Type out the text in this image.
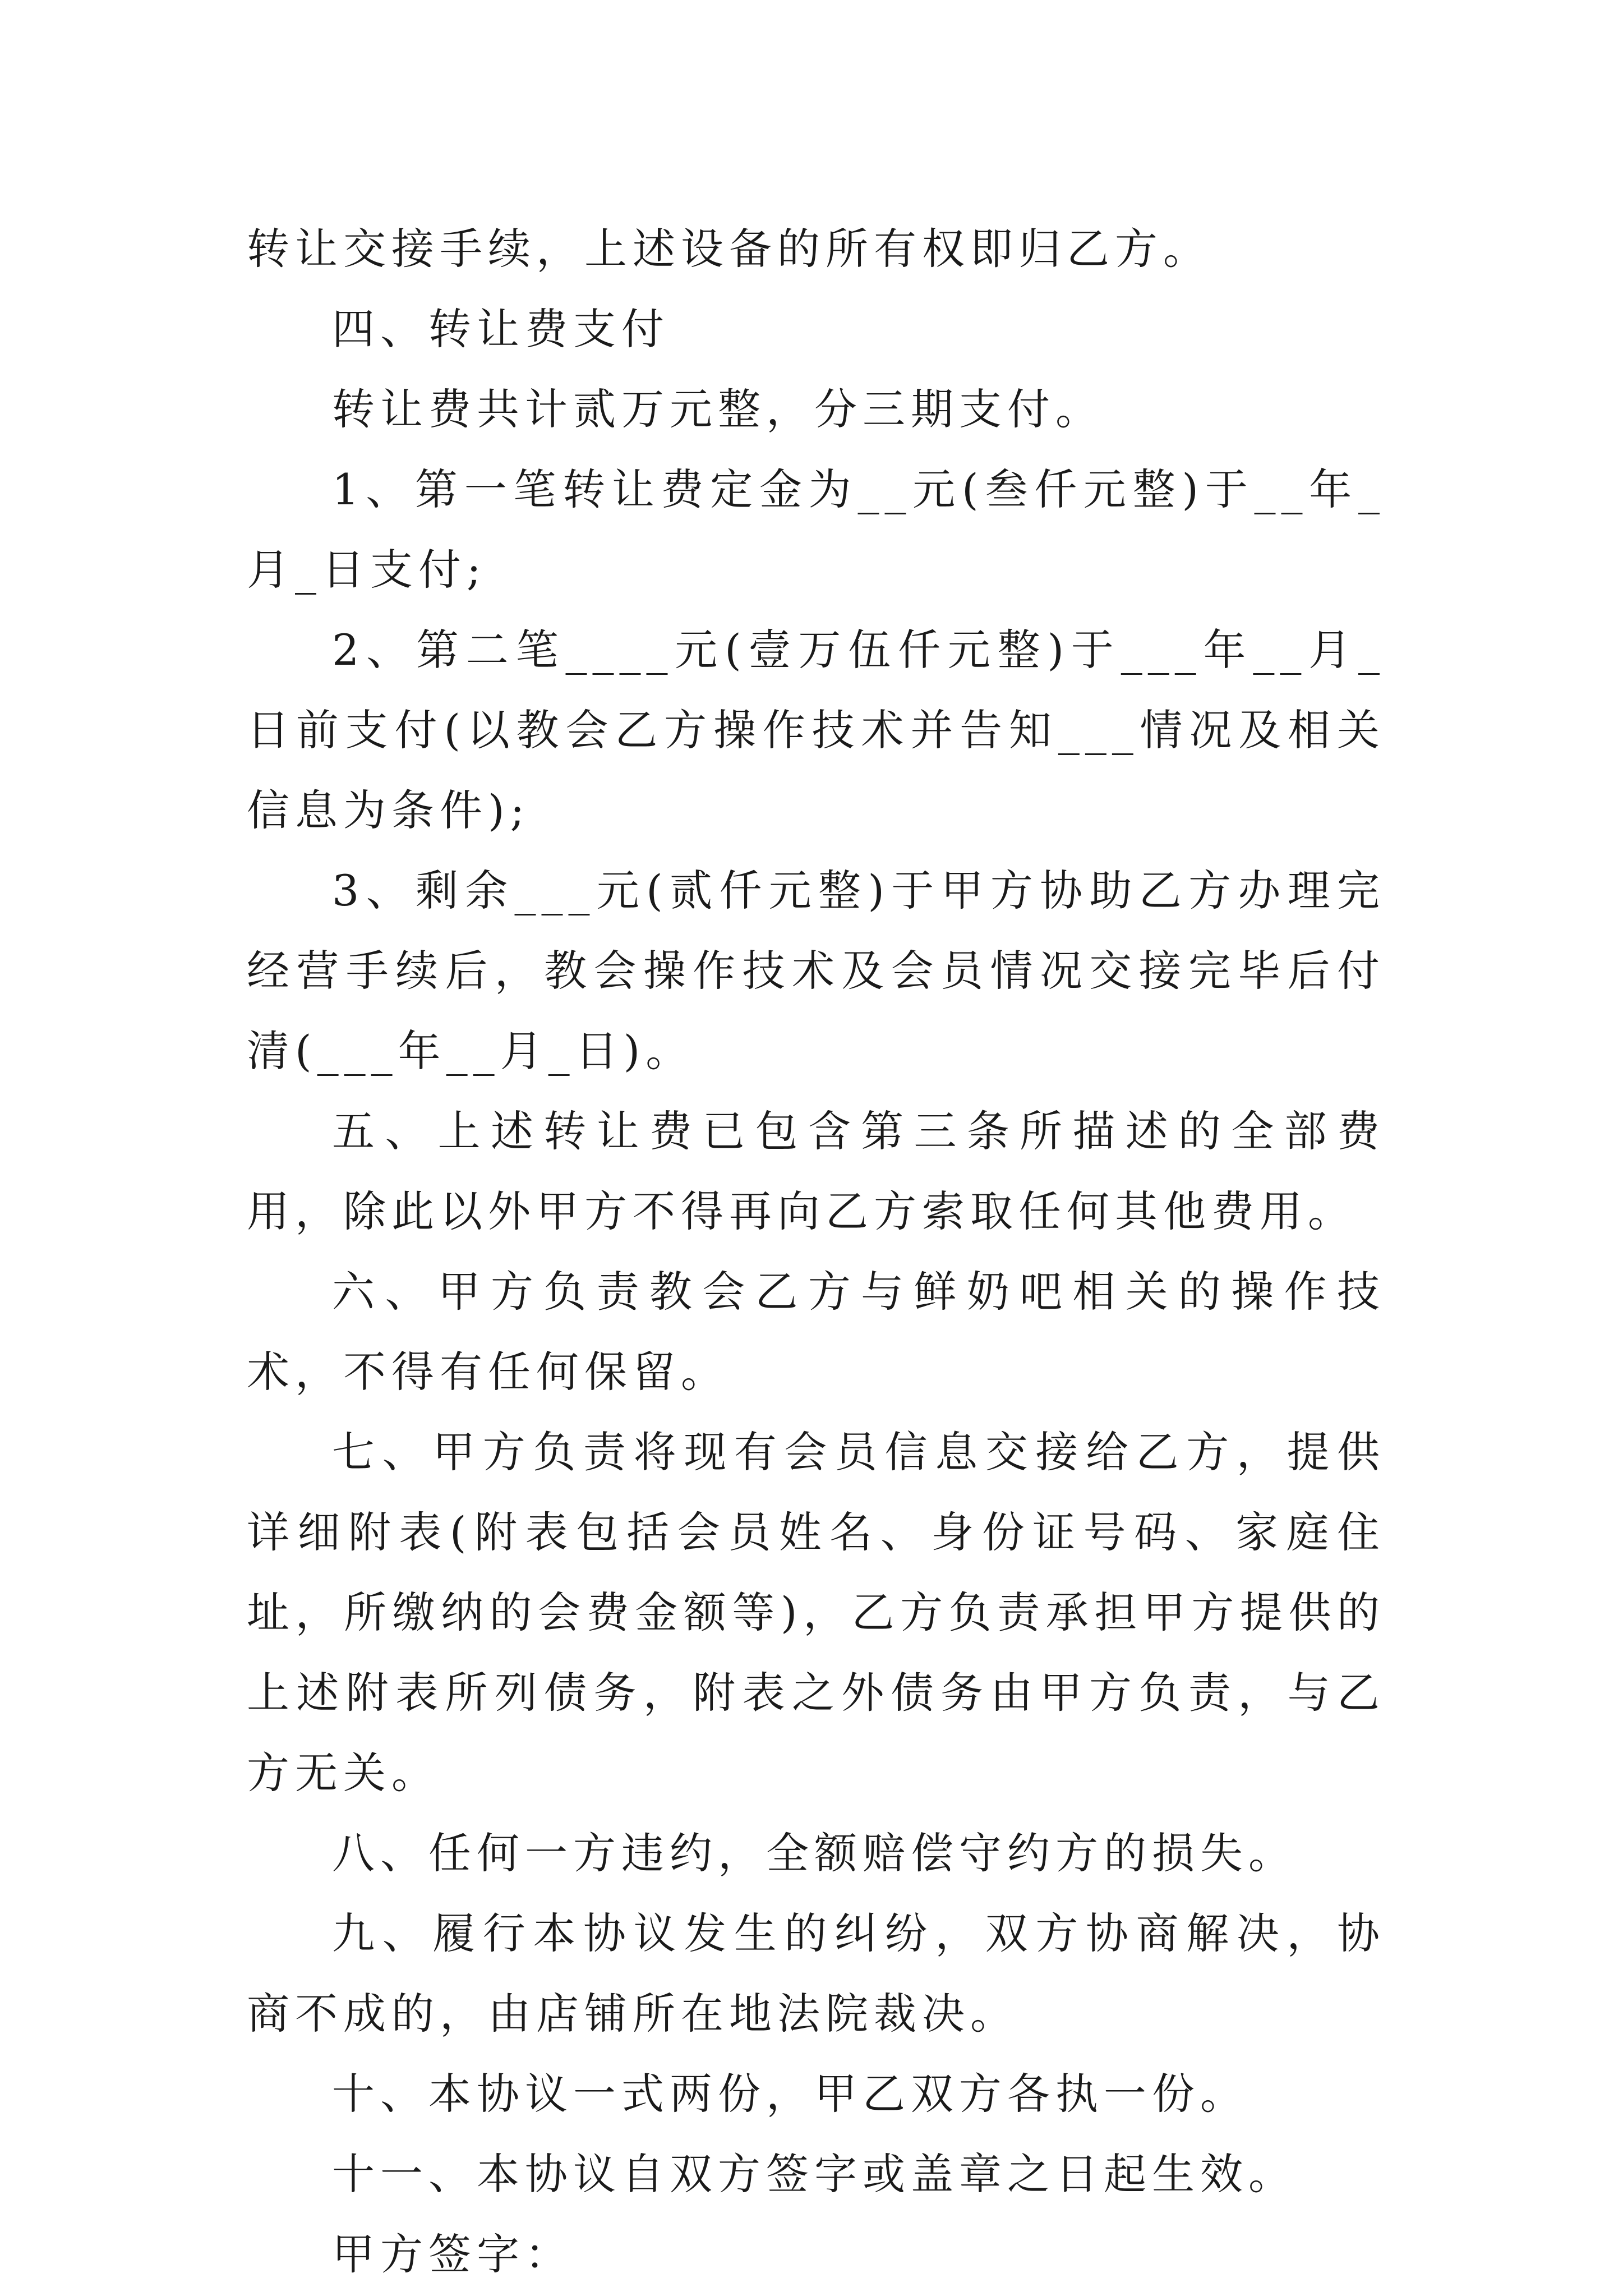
转让交接手续，上述设备的所有权即归乙方。

四、转让费支付

转让费共计贰万元整，分三期支付。

1、第一笔转让费定金为__元(叁仟元整)于__年_月_日支付;

2、第二笔____元(壹万伍仟元整)于___年__月_日前支付(以教会乙方操作技术并告知___情况及相关信息为条件);

3、剩余___元(贰仟元整)于甲方协助乙方办理完经营手续后，教会操作技术及会员情况交接完毕后付清(___年__月_日)。

五、上述转让费已包含第三条所描述的全部费用，除此以外甲方不得再向乙方索取任何其他费用。

六、甲方负责教会乙方与鲜奶吧相关的操作技术，不得有任何保留。

七、甲方负责将现有会员信息交接给乙方，提供详细附表(附表包括会员姓名、身份证号码、家庭住址，所缴纳的会费金额等)，乙方负责承担甲方提供的上述附表所列债务，附表之外债务由甲方负责，与乙方无关。

八、任何一方违约，全额赔偿守约方的损失。

九、履行本协议发生的纠纷，双方协商解决，协商不成的，由店铺所在地法院裁决。

十、本协议一式两份，甲乙双方各执一份。

十一、本协议自双方签字或盖章之日起生效。

甲方签字：
